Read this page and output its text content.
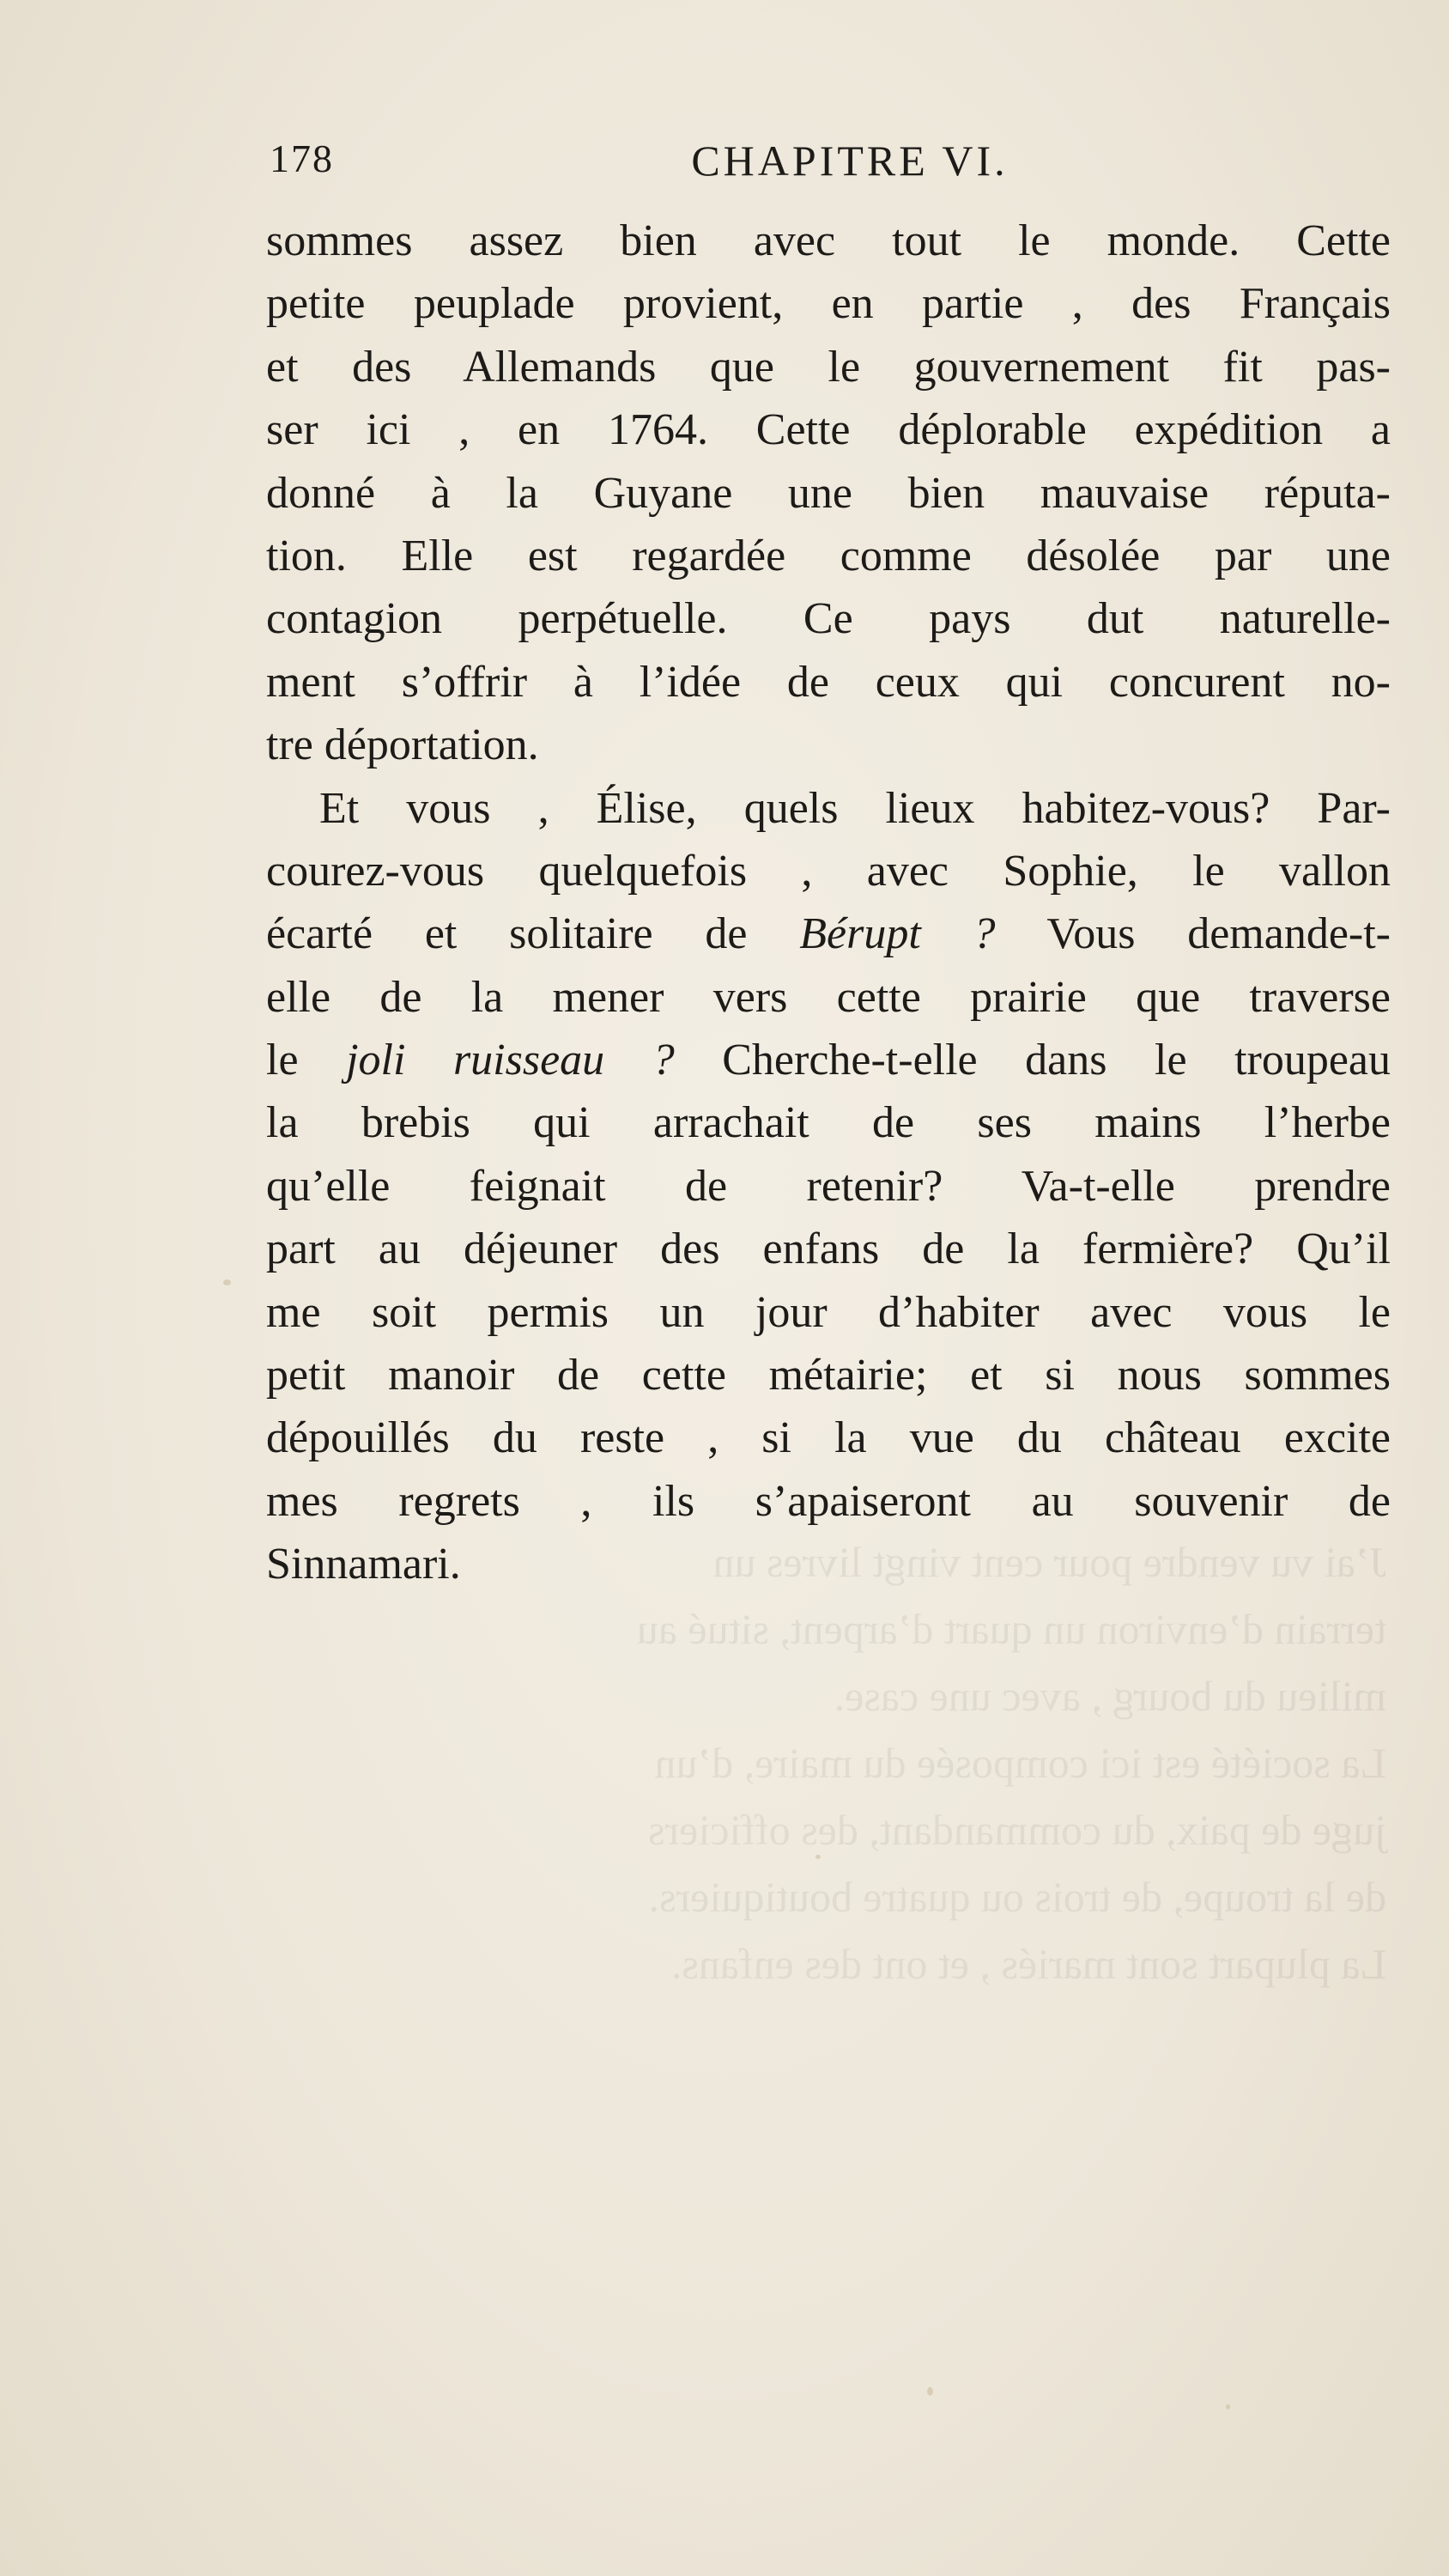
178	CHAPITRE VI.
J’ai vu vendre pour cent vingt livres un
terrain d’environ un quart d’arpent, situé au
milieu du bourg , avec une case.
La société est ici composée du maire, d’un
juge de paix, du commandant, des officiers
de la troupe, de trois ou quatre boutiquiers.
La plupart sont mariés , et ont des enfans.
sommes assez bien avec tout le monde. Cette
petite peuplade provient, en partie , des Français
et des Allemands que le gouvernement fit pas-
ser ici , en 1764. Cette déplorable expédition a
donné à la Guyane une bien mauvaise réputa-
tion. Elle est regardée comme désolée par une
contagion perpétuelle. Ce pays dut naturelle-
ment s’offrir à l’idée de ceux qui concurent no-
tre déportation.
Et vous , Élise, quels lieux habitez-vous? Par-
courez-vous quelquefois , avec Sophie, le vallon
écarté et solitaire de Bérupt ? Vous demande-t-
elle de la mener vers cette prairie que traverse
le joli ruisseau ? Cherche-t-elle dans le troupeau
la brebis qui arrachait de ses mains l’herbe
qu’elle feignait de retenir? Va-t-elle prendre
part au déjeuner des enfans de la fermière? Qu’il
me soit permis un jour d’habiter avec vous le
petit manoir de cette métairie; et si nous sommes
dépouillés du reste , si la vue du château excite
mes regrets , ils s’apaiseront au souvenir de
Sinnamari.
